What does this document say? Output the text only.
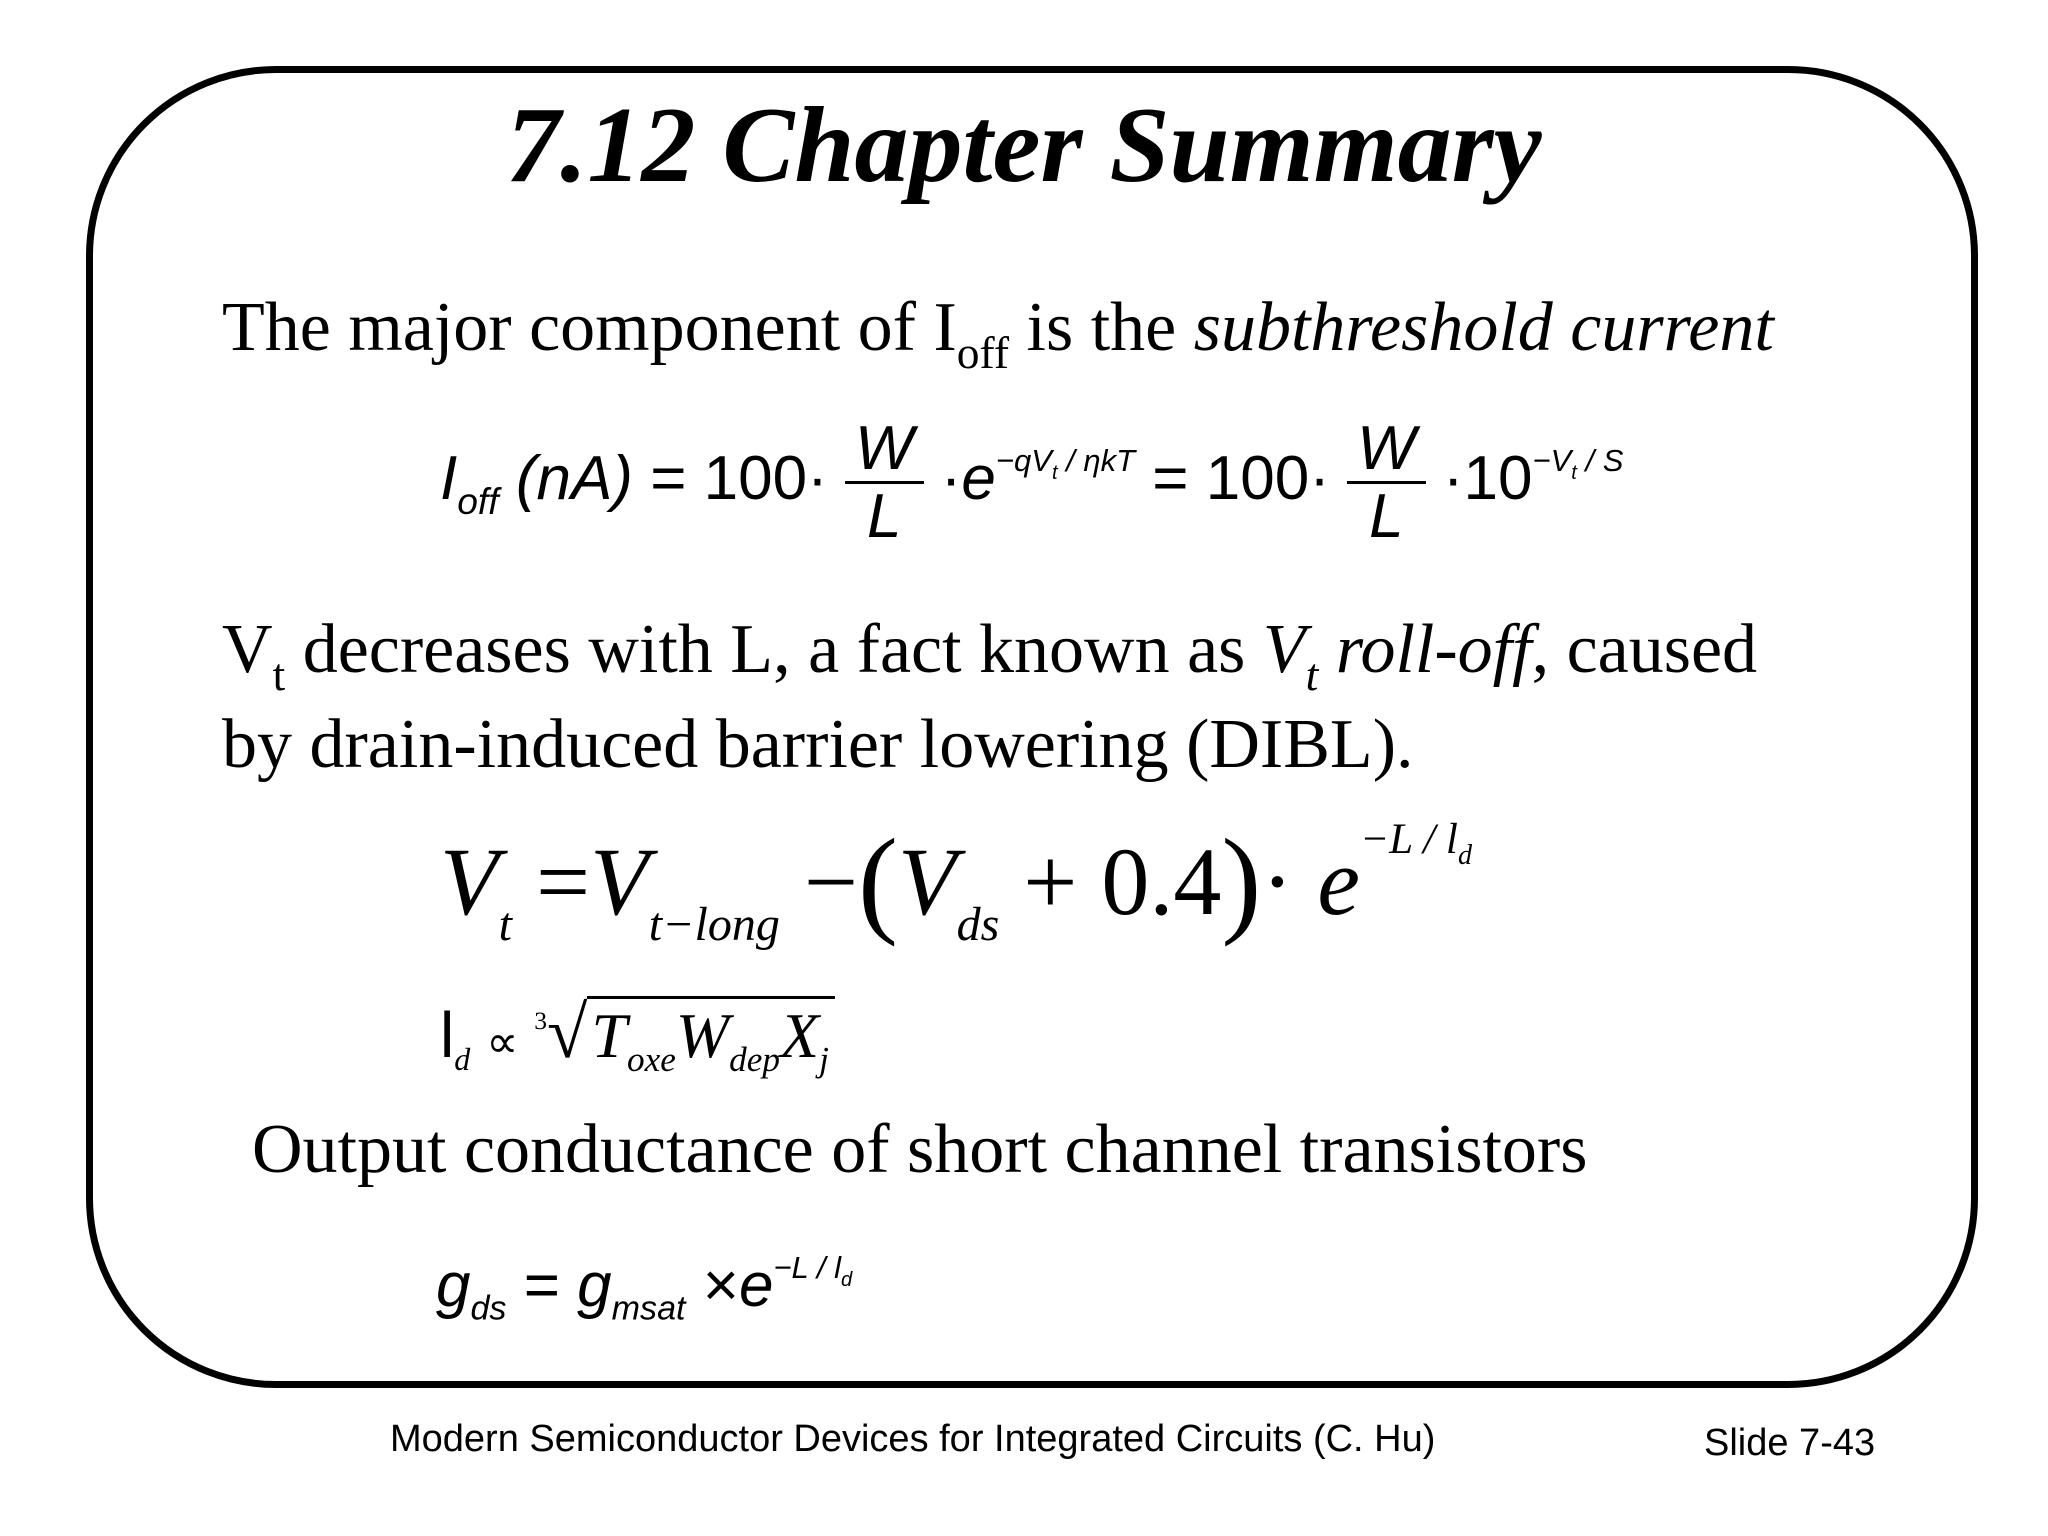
7.12 Chapter Summary
The major component of $I_{off}$ is the subthreshold current
$I_{off}$ $(nA) = 100\cdot \frac{W}{L} \cdot e^{-qV_t / \eta kT} = 100\cdot \frac{W}{L} \cdot 10^{-V_t / S}$
$V_t$ decreases with L, a fact known as $V_t$ roll-off, caused
by drain-induced barrier lowering (DIBL).
$V_t =V_{t-long} -(V_{ds} + 0.4)\cdot e^{-L / l_d}$
$l_d \propto ^3√T_{oxe}W_{dep}X_j$
Output conductance of short channel transistors
$g_{ds} = g_{msat} \times e^{-L / l_d}$
Modern Semiconductor Devices for Integrated Circuits (C. Hu)	Slide 7-43
